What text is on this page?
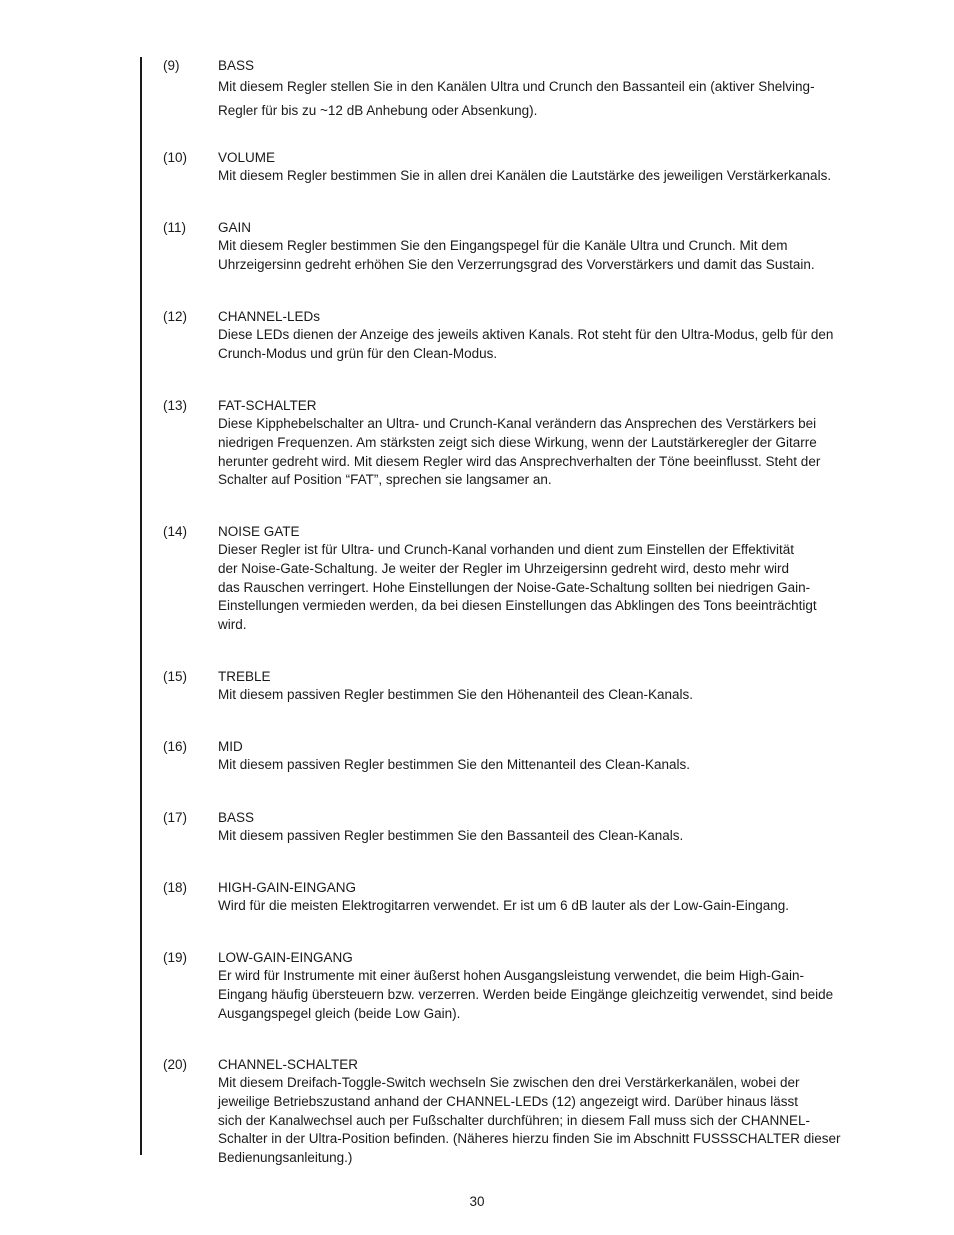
(9)	BASS
Mit diesem Regler stellen Sie in den Kanälen Ultra und Crunch den Bassanteil ein (aktiver Shelving-
Regler für bis zu ~12 dB Anhebung oder Absenkung).
(10) VOLUME
Mit diesem Regler bestimmen Sie in allen drei Kanälen die Lautstärke des jeweiligen Verstärkerkanals.
(11) GAIN
Mit diesem Regler bestimmen Sie den Eingangspegel für die Kanäle Ultra und Crunch. Mit dem
Uhrzeigersinn gedreht erhöhen Sie den Verzerrungsgrad des Vorverstärkers und damit das Sustain.
(12) CHANNEL-LEDs
Diese LEDs dienen der Anzeige des jeweils aktiven Kanals. Rot steht für den Ultra-Modus, gelb für den
Crunch-Modus und grün für den Clean-Modus.
(13) FAT-SCHALTER
Diese Kipphebelschalter an Ultra- und Crunch-Kanal verändern das Ansprechen des Verstärkers bei
niedrigen Frequenzen. Am stärksten zeigt sich diese Wirkung, wenn der Lautstärkeregler der Gitarre
herunter gedreht wird. Mit diesem Regler wird das Ansprechverhalten der Töne beeinflusst. Steht der
Schalter auf Position “FAT”, sprechen sie langsamer an.
(14) NOISE GATE
Dieser Regler ist für Ultra- und Crunch-Kanal vorhanden und dient zum Einstellen der Effektivität
der Noise-Gate-Schaltung. Je weiter der Regler im Uhrzeigersinn gedreht wird, desto mehr wird
das Rauschen verringert. Hohe Einstellungen der Noise-Gate-Schaltung sollten bei niedrigen Gain-
Einstellungen vermieden werden, da bei diesen Einstellungen das Abklingen des Tons beeinträchtigt
wird.
(15) TREBLE
Mit diesem passiven Regler bestimmen Sie den Höhenanteil des Clean-Kanals.
(16) MID
Mit diesem passiven Regler bestimmen Sie den Mittenanteil des Clean-Kanals.
(17) BASS
Mit diesem passiven Regler bestimmen Sie den Bassanteil des Clean-Kanals.
(18) HIGH-GAIN-EINGANG
Wird für die meisten Elektrogitarren verwendet. Er ist um 6 dB lauter als der Low-Gain-Eingang.
(19) LOW-GAIN-EINGANG
Er wird für Instrumente mit einer äußerst hohen Ausgangsleistung verwendet, die beim High-Gain-
Eingang häufig übersteuern bzw. verzerren. Werden beide Eingänge gleichzeitig verwendet, sind beide
Ausgangspegel gleich (beide Low Gain).
(20) CHANNEL-SCHALTER
Mit diesem Dreifach-Toggle-Switch wechseln Sie zwischen den drei Verstärkerkanälen, wobei der
jeweilige Betriebszustand anhand der CHANNEL-LEDs (12) angezeigt wird. Darüber hinaus lässt
sich der Kanalwechsel auch per Fußschalter durchführen; in diesem Fall muss sich der CHANNEL-
Schalter in der Ultra-Position befinden. (Näheres hierzu finden Sie im Abschnitt FUSSSCHALTER dieser
Bedienungsanleitung.)
30
